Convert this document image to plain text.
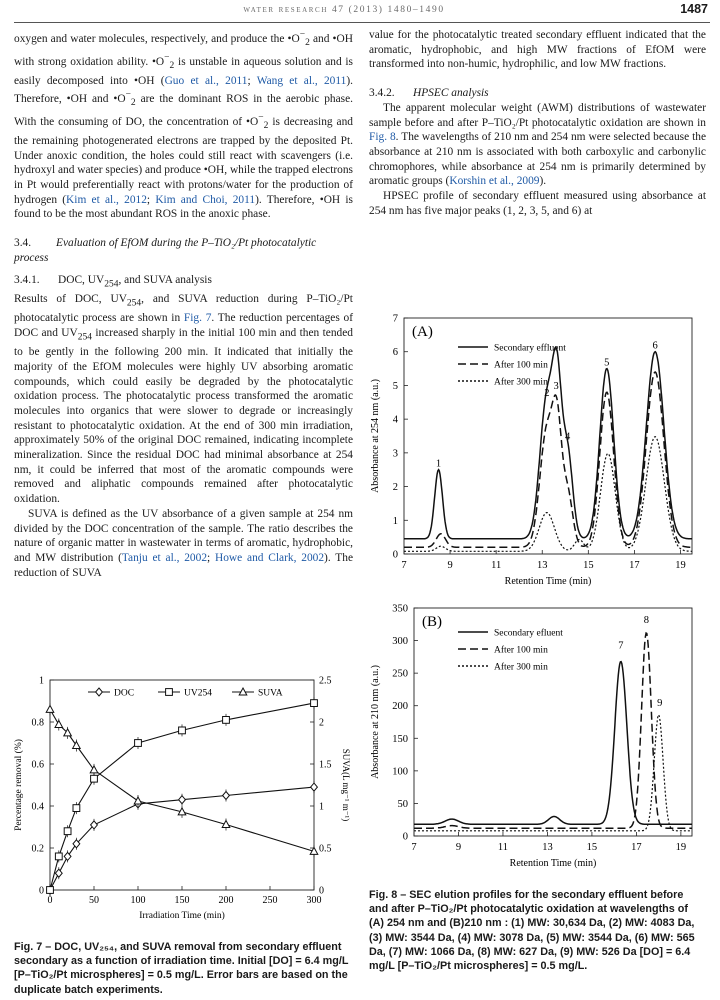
water research 47 (2013) 1480–1490	1487

oxygen and water molecules, respectively, and produce the $•O^-_2$ and •OH with strong oxidation ability. $•O^-_2$ is unstable in aqueous solution and is easily decomposed into •OH (Guo et al., 2011; Wang et al., 2011). Therefore, •OH and $•O^-_2$ are the dominant ROS in the aerobic phase. With the consuming of DO, the concentration of $•O^-_2$ is decreasing and the remaining photogenerated electrons are trapped by the deposited Pt. Under anoxic condition, the holes could still react with scavengers (i.e. hydroxyl and water species) and produce •OH, while the trapped electrons in Pt would preferentially react with protons/water for the production of hydrogen (Kim et al., 2012; Kim and Choi, 2011). Therefore, •OH is found to be the most abundant ROS in the anoxic phase.

3.4. Evaluation of EfOM during the P–TiO₂/Pt photocatalytic process
3.4.1. DOC, $UV_{254}$, and SUVA analysis

Results of DOC, $UV_{254}$, and SUVA reduction during P–TiO₂/Pt photocatalytic process are shown in Fig. 7. The reduction percentages of DOC and $UV_{254}$ increased sharply in the initial 100 min and then tended to be gently in the following 200 min. It indicated that initially the majority of the EfOM molecules were highly UV absorbing aromatic compounds, which could easily be degraded by the photocatalytic oxidation process. The photocatalytic process transformed the aromatic molecules into organics that were slower to degrade or increasingly resistant to photocatalytic oxidation. At the end of 300 min irradiation, approximately 50% of the original DOC remained, indicating incomplete mineralization. Since the residual DOC had minimal absorbance at 254 nm, it could be inferred that most of the aromatic compounds were removed and aliphatic compounds remained after photocatalytic oxidation.

SUVA is defined as the UV absorbance of a given sample at 254 nm divided by the DOC concentration of the sample. The ratio describes the nature of organic matter in wastewater in terms of aromatic, hydrophobic, and MW distribution (Tanju et al., 2002; Howe and Clark, 2002). The reduction of SUVA

value for the photocatalytic treated secondary effluent indicated that the aromatic, hydrophobic, and high MW fractions of EfOM were transformed into non-humic, hydrophilic, and low MW fractions.

3.4.2. HPSEC analysis

The apparent molecular weight (AWM) distributions of wastewater sample before and after P–TiO₂/Pt photocatalytic oxidation are shown in Fig. 8. The wavelengths of 210 nm and 254 nm were selected because the absorbance at 210 nm is associated with both carboxylic and carbonylic chromophores, while absorbance at 254 nm is primarily determined by aromatic groups (Korshin et al., 2009).

HPSEC profile of secondary effluent measured using absorbance at 254 nm has five major peaks (1, 2, 3, 5, and 6) at

0	50	100	150	200	250	300
0
0.2
0.4
0.6
0.8
1
0
0.5
1
1.5
2
2.5
Irradiation Time (min)
Percentage removal (%)	SUVA(L mg⁻¹ m⁻¹)
DOC	UV254	SUVA
Fig. 7 – DOC, UV₂₅₄, and SUVA removal from secondary effluent secondary as a function of irradiation time. Initial [DO] = 6.4 mg/L [P–TiO₂/Pt microspheres] = 0.5 mg/L. Error bars are based on the duplicate batch experiments.
7	9	11	13	15	17	19
0
1
2
3
4
5
6
7
Retention Time (min)
Absorbance at 254 nm (a.u.)
(A)
1
2
3
4
5
6
Secondary effluent
After 100 min
After 300 min
7	9	11	13	15	17	19
0
50
100
150
200
250
300
350
Retention Time (min)
Absorbance at 210 nm (a.u.)
(B)
7
8
9
Secondary efluent
After 100 min
After 300 min
Fig. 8 – SEC elution profiles for the secondary effluent before and after P–TiO₂/Pt photocatalytic oxidation at wavelengths of (A) 254 nm and (B)210 nm : (1) MW: 30,634 Da, (2) MW: 4083 Da, (3) MW: 3544 Da, (4) MW: 3078 Da, (5) MW: 3544 Da, (6) MW: 565 Da, (7) MW: 1066 Da, (8) MW: 627 Da, (9) MW: 526 Da [DO] = 6.4 mg/L [P–TiO₂/Pt microspheres] = 0.5 mg/L.
